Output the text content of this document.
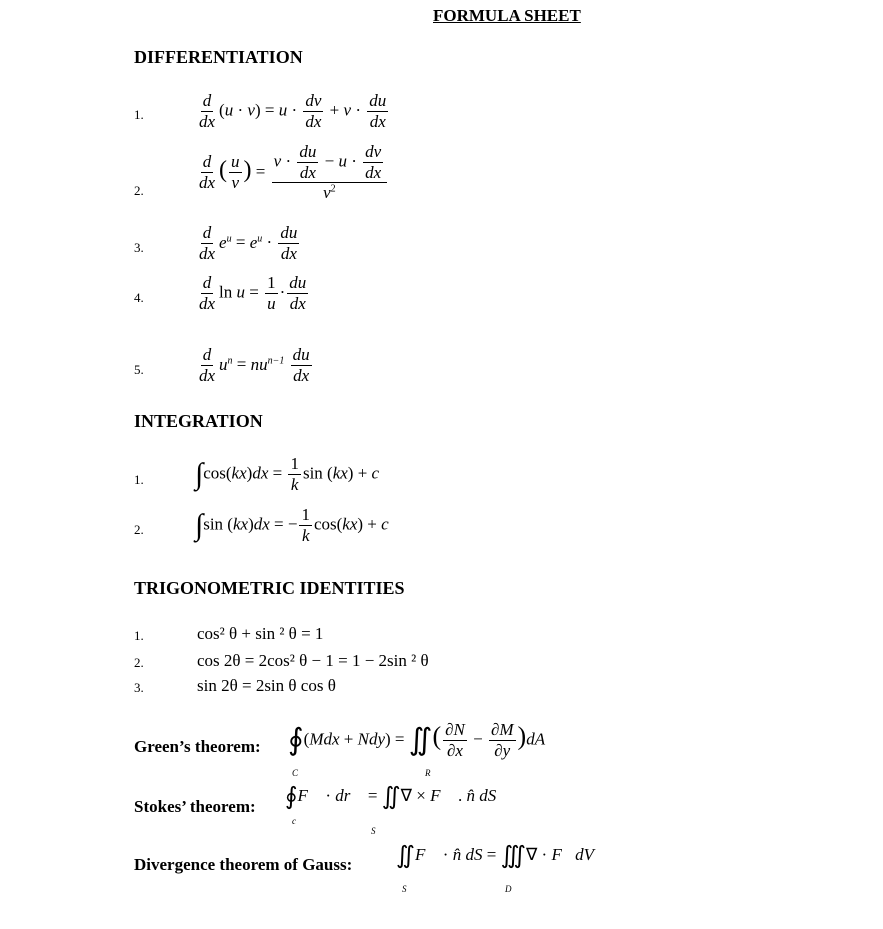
FORMULA SHEET
DIFFERENTIATION
1.	$\frac{d}{dx} (u \cdot v) = u \cdot \frac{dv}{dx} + v \cdot \frac{du}{dx}$
2.	$\frac{d}{dx}$ ( $\frac{u}{v}$ ) = $\frac{v \cdot \frac{du}{dx} - u \cdot \frac{dv}{dx}}{v^2}$
3.	$\frac{d}{dx} e^u = e^u \cdot \frac{du}{dx}$
4.	$\frac{d}{dx}$ $\ln u = \frac{1}{u} \cdot \frac{du}{dx}$
5.	$\frac{d}{dx} u^n = nu^{n-1} \frac{du}{dx}$
INTEGRATION
1. $\int\cos(kx)dx = \frac{1}{k}$ sin (kx) + c
2. ∫sin (kx)dx = − $\frac{1}{k} \cos(kx) + c$
TRIGONOMETRIC IDENTITIES
1.	cos² θ + sin ² θ = 1
2.	cos 2θ = 2cos² θ − 1 = 1 − 2sin ² θ
3.	sin 2θ = 2sin θ cos θ
Green’s theorem: ∮(Mdx + Ndy) = ∬( $\frac{\partial N}{\partial x} - \frac{\partial M}{\partial y} )dA$
C	R
Stokes’ theorem: ∮F⃗ · dr⃗ = ∬∇ × F⃗ . n̂ dS
c
S
Divergence theorem of Gauss: ∬F⃗ · n̂ dS = ∭∇ · F⃗dV
S	D
